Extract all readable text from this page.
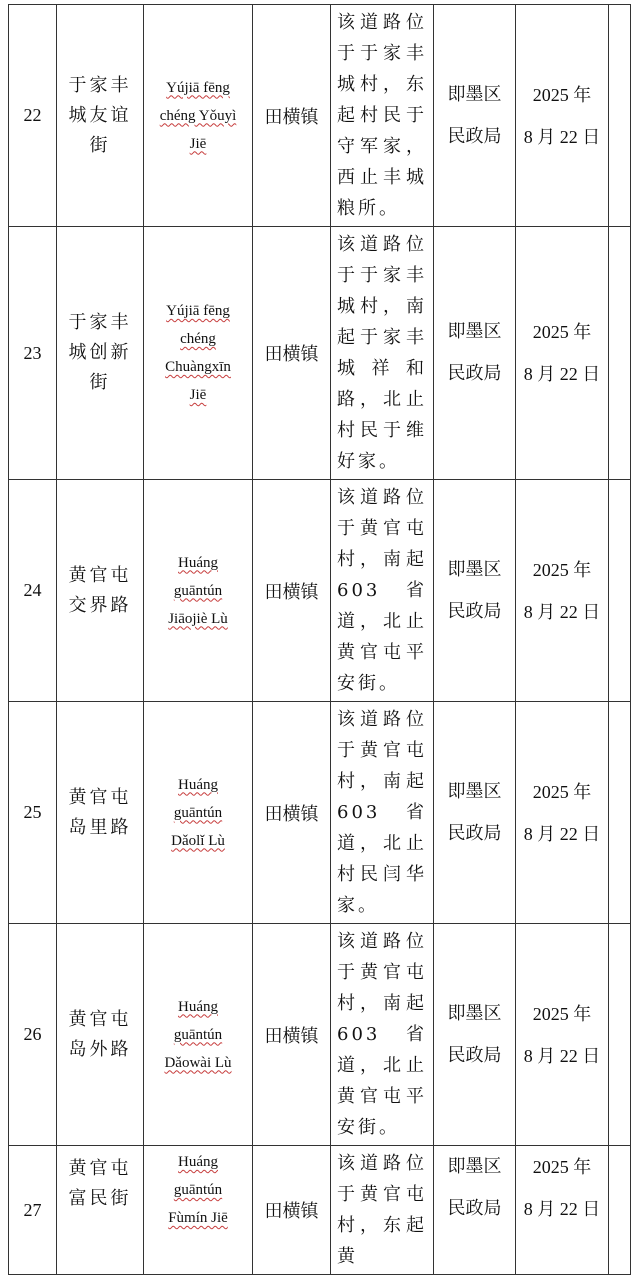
22	于家丰城友谊街	Yújiā fēng
chéng Yǒuyì
Jiē	田横镇	该道路位于于家丰城村，东起村民于守军家，西止丰城粮所。	即墨区
民政局	2025 年
8 月 22 日	
23	于家丰城创新街	Yújiā fēng
chéng
Chuàngxīn
Jiē	田横镇	该道路位于于家丰城村，南起于家丰城祥和路，北止村民于维好家。	即墨区
民政局	2025 年
8 月 22 日	
24	黄官屯交界路	Huáng
guāntún
Jiāojiè Lù	田横镇	该道路位于黄官屯村，南起603省道，北止黄官屯平安街。	即墨区
民政局	2025 年
8 月 22 日	
25	黄官屯岛里路	Huáng
guāntún
Dǎolǐ Lù	田横镇	该道路位于黄官屯村，南起603省道，北止村民闫华家。	即墨区
民政局	2025 年
8 月 22 日	
26	黄官屯岛外路	Huáng
guāntún
Dǎowài Lù	田横镇	该道路位于黄官屯村，南起603省道，北止黄官屯平安街。	即墨区
民政局	2025 年
8 月 22 日	
27	黄官屯富民街	Huáng
guāntún
Fùmín Jiē	田横镇	该道路位于黄官屯村，东起黄	即墨区
民政局	2025 年
8 月 22 日	
